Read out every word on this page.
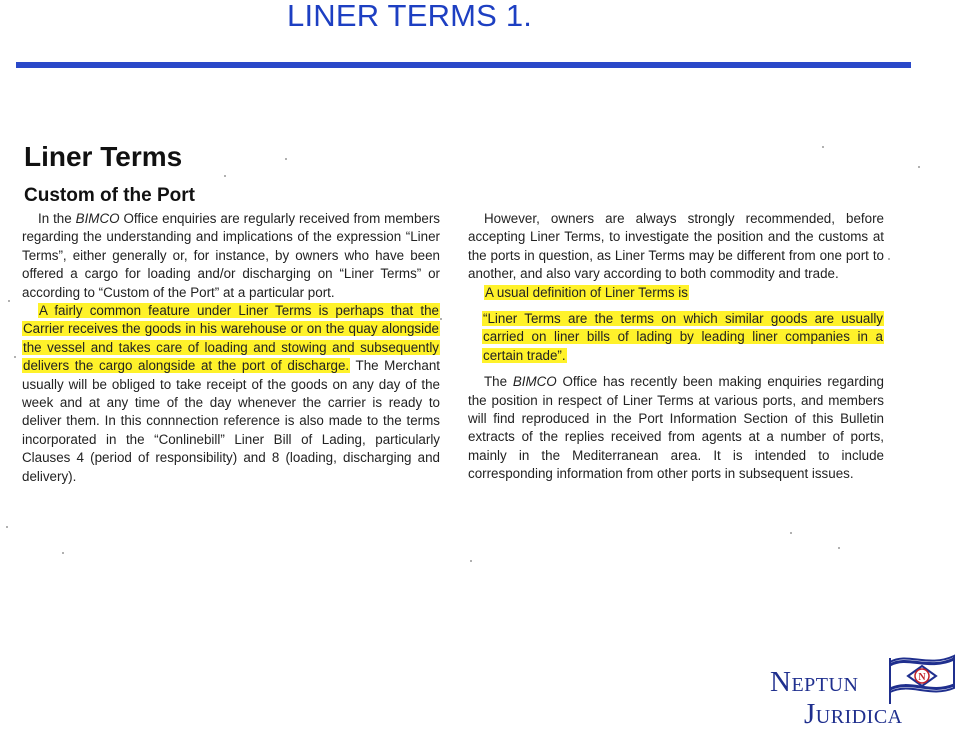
LINER TERMS 1.
Liner Terms
Custom of the Port

In the BIMCO Office enquiries are regularly received from members regarding the understanding and implications of the expression “Liner Terms”, either generally or, for instance, by owners who have been offered a cargo for loading and/or discharging on “Liner Terms” or according to “Custom of the Port” at a particular port.

A fairly common feature under Liner Terms is perhaps that the Carrier receives the goods in his warehouse or on the quay alongside the vessel and takes care of loading and stowing and subsequently delivers the cargo alongside at the port of discharge. The Merchant usually will be obliged to take receipt of the goods on any day of the week and at any time of the day whenever the carrier is ready to deliver them. In this connnection reference is also made to the terms incorporated in the “Conlinebill” Liner Bill of Lading, particularly Clauses 4 (period of responsibility) and 8 (loading, discharging and delivery).

However, owners are always strongly recommended, before accepting Liner Terms, to investigate the position and the customs at the ports in question, as Liner Terms may be different from one port to another, and also vary according to both commodity and trade.

A usual definition of Liner Terms is

“Liner Terms are the terms on which similar goods are usually carried on liner bills of lading by leading liner companies in a certain trade”.

The BIMCO Office has recently been making enquiries regarding the position in respect of Liner Terms at various ports, and members will find reproduced in the Port Information Section of this Bulletin extracts of the replies received from agents at a number of ports, mainly in the Mediterranean area. It is intended to include corresponding information from other ports in subsequent issues.

N
Neptun
Juridica
